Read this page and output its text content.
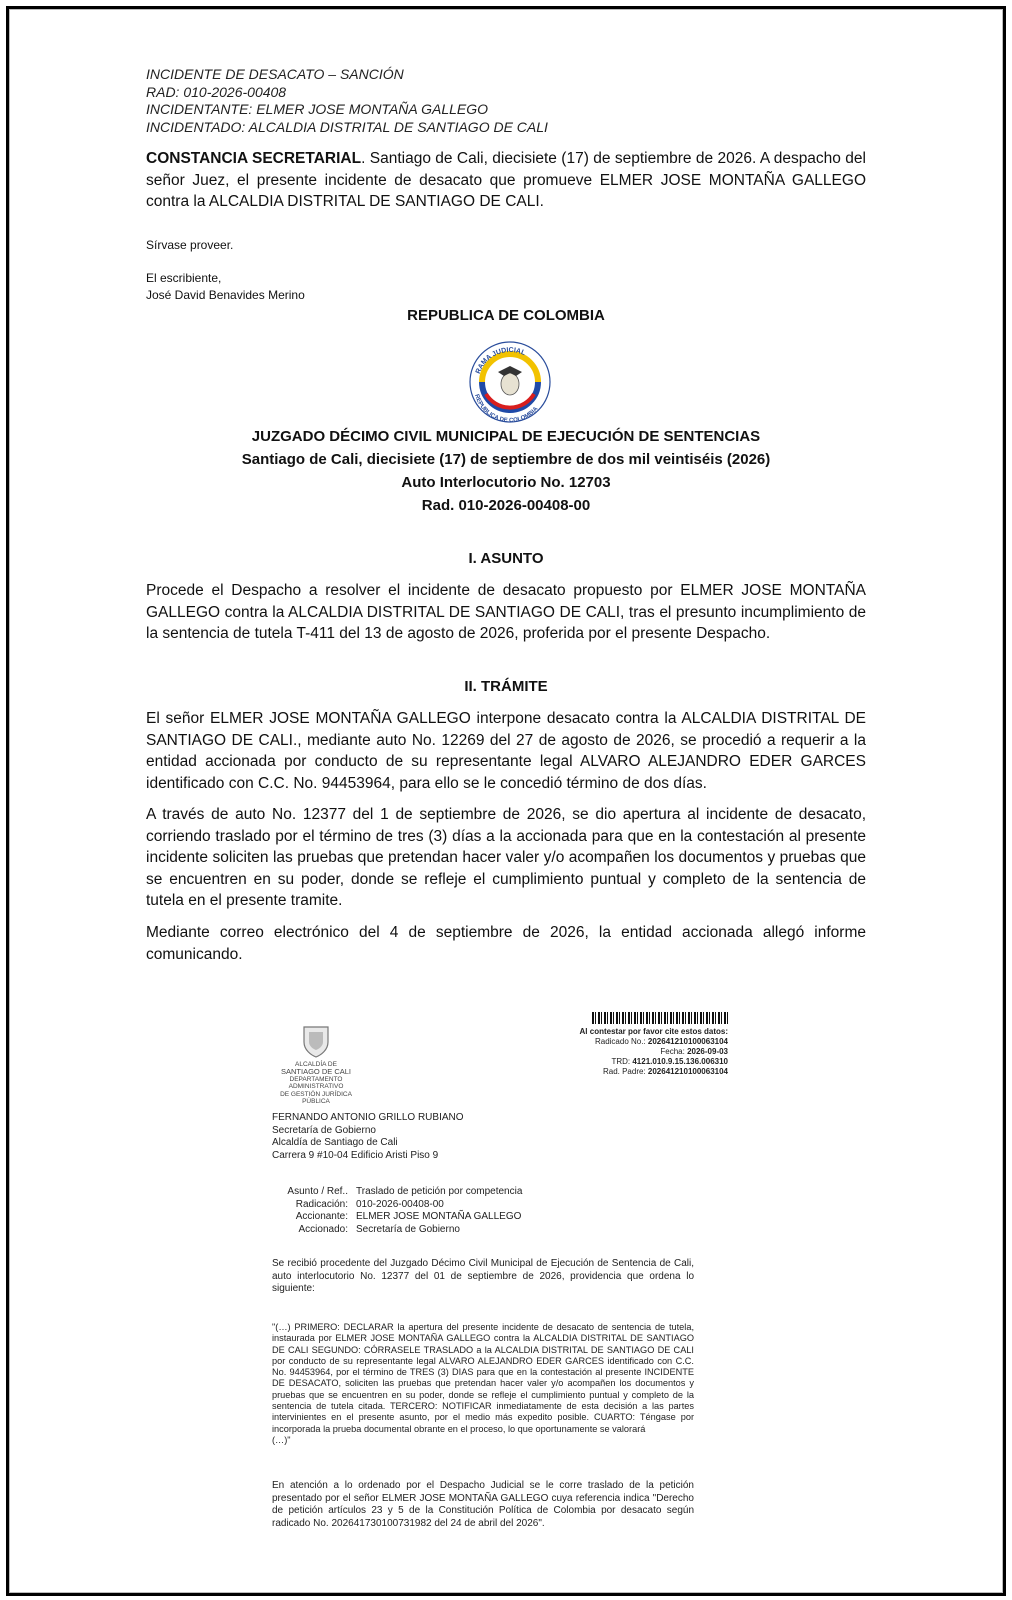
INCIDENTE DE DESACATO – SANCIÓN
RAD: 010-2026-00408
INCIDENTANTE: ELMER JOSE MONTAÑA GALLEGO
INCIDENTADO: ALCALDIA DISTRITAL DE SANTIAGO DE CALI
CONSTANCIA SECRETARIAL. Santiago de Cali, diecisiete (17) de septiembre de 2026. A despacho del señor Juez, el presente incidente de desacato que promueve ELMER JOSE MONTAÑA GALLEGO contra la ALCALDIA DISTRITAL DE SANTIAGO DE CALI.
Sírvase proveer.
El escribiente,
José David Benavides Merino
REPUBLICA DE COLOMBIA
RAMA JUDICIAL
REPUBLICA DE COLOMBIA
JUZGADO DÉCIMO CIVIL MUNICIPAL DE EJECUCIÓN DE SENTENCIAS
Santiago de Cali, diecisiete (17) de septiembre de dos mil veintiséis (2026)
Auto Interlocutorio No. 12703
Rad. 010-2026-00408-00
I. ASUNTO
Procede el Despacho a resolver el incidente de desacato propuesto por ELMER JOSE MONTAÑA GALLEGO contra la ALCALDIA DISTRITAL DE SANTIAGO DE CALI, tras el presunto incumplimiento de la sentencia de tutela T-411 del 13 de agosto de 2026, proferida por el presente Despacho.
II. TRÁMITE
El señor ELMER JOSE MONTAÑA GALLEGO interpone desacato contra la ALCALDIA DISTRITAL DE SANTIAGO DE CALI., mediante auto No. 12269 del 27 de agosto de 2026, se procedió a requerir a la entidad accionada por conducto de su representante legal ALVARO ALEJANDRO EDER GARCES identificado con C.C. No. 94453964, para ello se le concedió término de dos días.
A través de auto No. 12377 del 1 de septiembre de 2026, se dio apertura al incidente de desacato, corriendo traslado por el término de tres (3) días a la accionada para que en la contestación al presente incidente soliciten las pruebas que pretendan hacer valer y/o acompañen los documentos y pruebas que se encuentren en su poder, donde se refleje el cumplimiento puntual y completo de la sentencia de tutela en el presente tramite.
Mediante correo electrónico del 4 de septiembre de 2026, la entidad accionada allegó informe comunicando.
ALCALDÍA DE
SANTIAGO DE CALI
DEPARTAMENTO ADMINISTRATIVO
DE GESTIÓN JURÍDICA PÚBLICA
Al contestar por favor cite estos datos:
Radicado No.: 202641210100063104
Fecha: 2026-09-03
TRD: 4121.010.9.15.136.006310
Rad. Padre: 202641210100063104
FERNANDO ANTONIO GRILLO RUBIANO
Secretaría de Gobierno
Alcaldía de Santiago de Cali
Carrera 9 #10-04 Edificio Aristi Piso 9
Asunto / Ref.. Traslado de petición por competencia
Radicación: 010-2026-00408-00
Accionante: ELMER JOSE MONTAÑA GALLEGO
Accionado: Secretaría de Gobierno
Se recibió procedente del Juzgado Décimo Civil Municipal de Ejecución de Sentencia de Cali, auto interlocutorio No. 12377 del 01 de septiembre de 2026, providencia que ordena lo siguiente:
"(…) PRIMERO: DECLARAR la apertura del presente incidente de desacato de sentencia de tutela, instaurada por ELMER JOSE MONTAÑA GALLEGO contra la ALCALDIA DISTRITAL DE SANTIAGO DE CALI SEGUNDO: CÓRRASELE TRASLADO a la ALCALDIA DISTRITAL DE SANTIAGO DE CALI por conducto de su representante legal ALVARO ALEJANDRO EDER GARCES identificado con C.C. No. 94453964, por el término de TRES (3) DIAS para que en la contestación al presente INCIDENTE DE DESACATO, soliciten las pruebas que pretendan hacer valer y/o acompañen los documentos y pruebas que se encuentren en su poder, donde se refleje el cumplimiento puntual y completo de la sentencia de tutela citada. TERCERO: NOTIFICAR inmediatamente de esta decisión a las partes intervinientes en el presente asunto, por el medio más expedito posible. CUARTO: Téngase por incorporada la prueba documental obrante en el proceso, lo que oportunamente se valorará
(…)"
En atención a lo ordenado por el Despacho Judicial se le corre traslado de la petición presentado por el señor ELMER JOSE MONTAÑA GALLEGO cuya referencia indica "Derecho de petición artículos 23 y 5 de la Constitución Política de Colombia por desacato según radicado No. 202641730100731982 del 24 de abril del 2026".
